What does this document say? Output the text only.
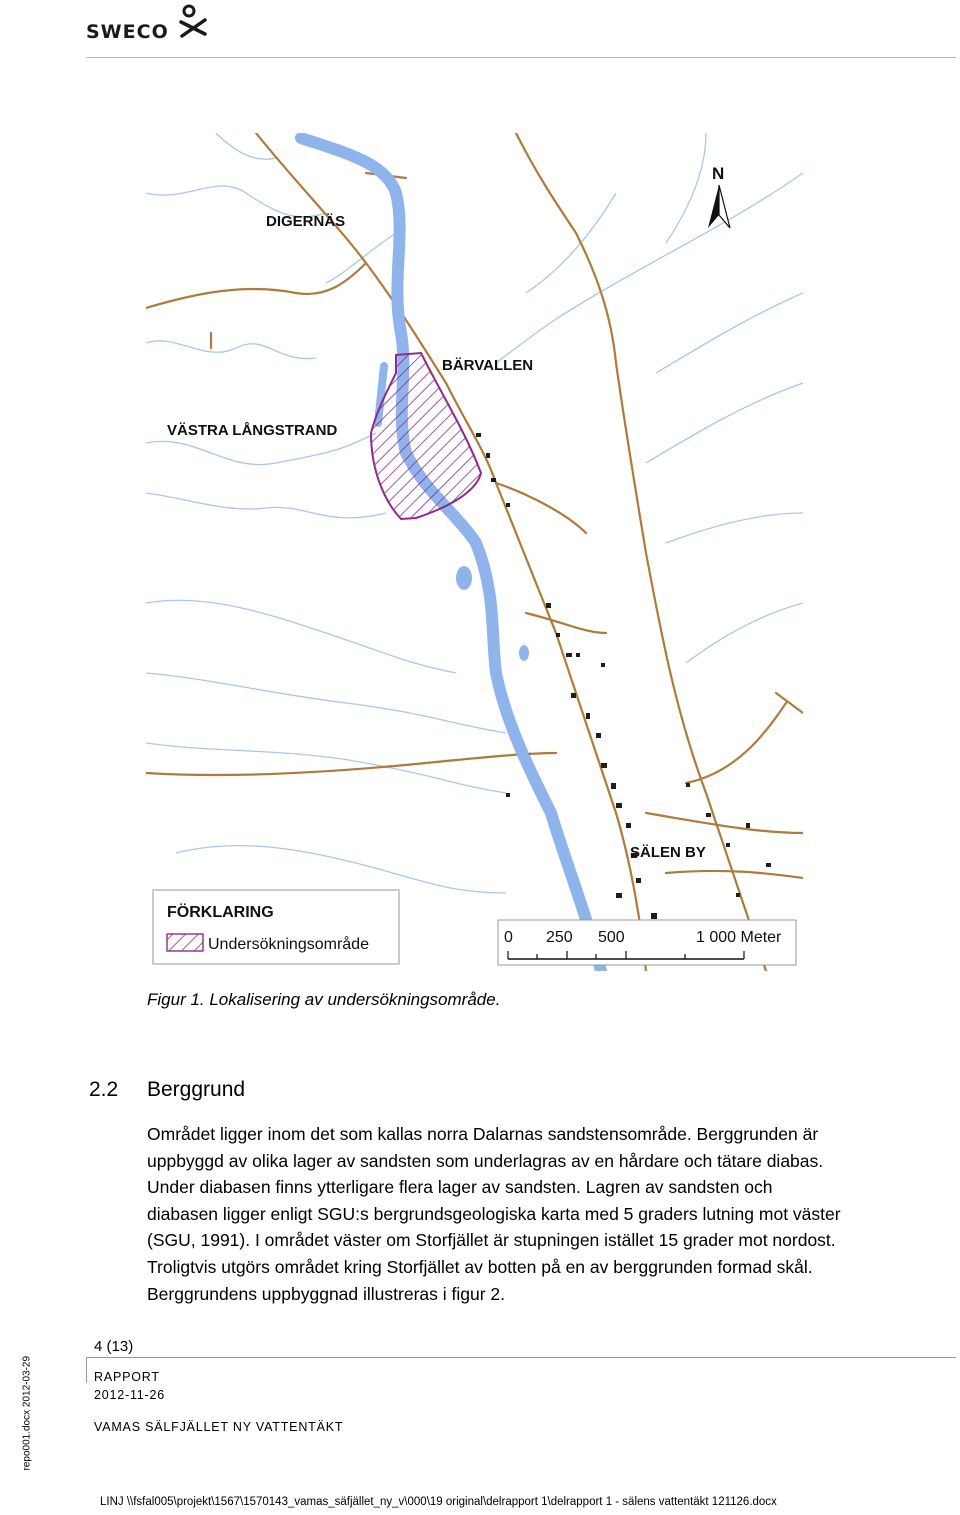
SWECO
DIGERNÄS
BÄRVALLEN
VÄSTRA LÅNGSTRAND
SÄLEN BY
N
FÖRKLARING
Undersökningsområde	0 250 500	1 000 Meter
Figur 1. Lokalisering av undersökningsområde.
2.2 Berggrund

Området ligger inom det som kallas norra Dalarnas sandstensområde. Berggrunden är

uppbyggd av olika lager av sandsten som underlagras av en hårdare och tätare diabas.

Under diabasen finns ytterligare flera lager av sandsten. Lagren av sandsten och

diabasen ligger enligt SGU:s bergrundsgeologiska karta med 5 graders lutning mot väster

(SGU, 1991). I området väster om Storfjället är stupningen istället 15 grader mot nordost.

Troligtvis utgörs området kring Storfjället av botten på en av berggrunden formad skål.

Berggrundens uppbyggnad illustreras i figur 2.

4 (13)
RAPPORT
2012-11-26
VAMAS SÄLFJÄLLET NY VATTENTÄKT
LINJ \\fsfal005\projekt\1567\1570143_vamas_säfjället_ny_v\000\19 original\delrapport 1\delrapport 1 - sälens vattentäkt 121126.docx
repo001.docx 2012-03-29
